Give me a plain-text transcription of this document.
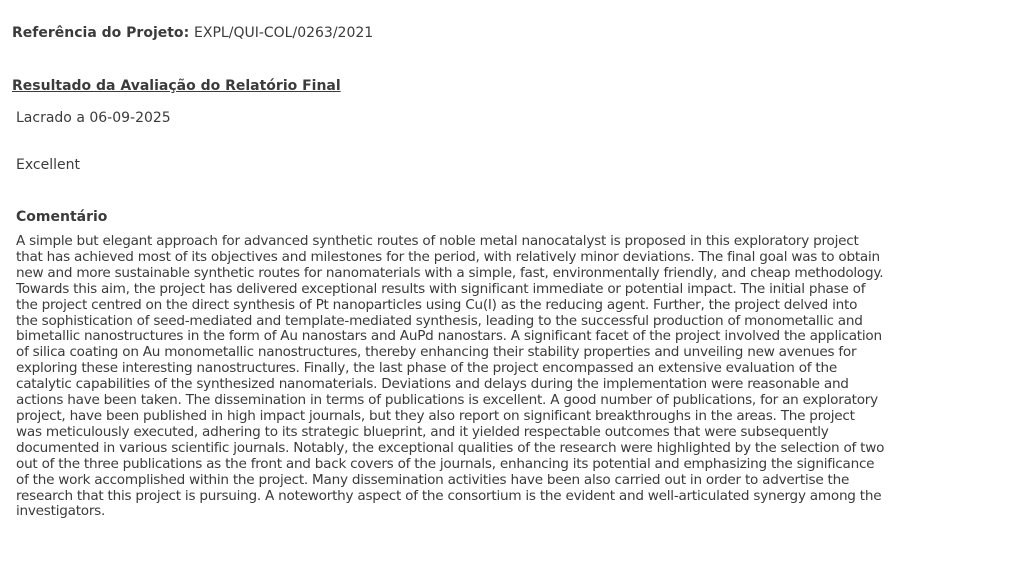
Referência do Projeto: EXPL/QUI-COL/0263/2021
Resultado da Avaliação do Relatório Final
Lacrado a 06-09-2025
Excellent
Comentário
A simple but elegant approach for advanced synthetic routes of noble metal nanocatalyst is proposed in this exploratory project
that has achieved most of its objectives and milestones for the period, with relatively minor deviations. The final goal was to obtain
new and more sustainable synthetic routes for nanomaterials with a simple, fast, environmentally friendly, and cheap methodology.
Towards this aim, the project has delivered exceptional results with significant immediate or potential impact. The initial phase of
the project centred on the direct synthesis of Pt nanoparticles using Cu(I) as the reducing agent. Further, the project delved into
the sophistication of seed-mediated and template-mediated synthesis, leading to the successful production of monometallic and
bimetallic nanostructures in the form of Au nanostars and AuPd nanostars. A significant facet of the project involved the application
of silica coating on Au monometallic nanostructures, thereby enhancing their stability properties and unveiling new avenues for
exploring these interesting nanostructures. Finally, the last phase of the project encompassed an extensive evaluation of the
catalytic capabilities of the synthesized nanomaterials. Deviations and delays during the implementation were reasonable and
actions have been taken. The dissemination in terms of publications is excellent. A good number of publications, for an exploratory
project, have been published in high impact journals, but they also report on significant breakthroughs in the areas. The project
was meticulously executed, adhering to its strategic blueprint, and it yielded respectable outcomes that were subsequently
documented in various scientific journals. Notably, the exceptional qualities of the research were highlighted by the selection of two
out of the three publications as the front and back covers of the journals, enhancing its potential and emphasizing the significance
of the work accomplished within the project. Many dissemination activities have been also carried out in order to advertise the
research that this project is pursuing. A noteworthy aspect of the consortium is the evident and well-articulated synergy among the
investigators.
